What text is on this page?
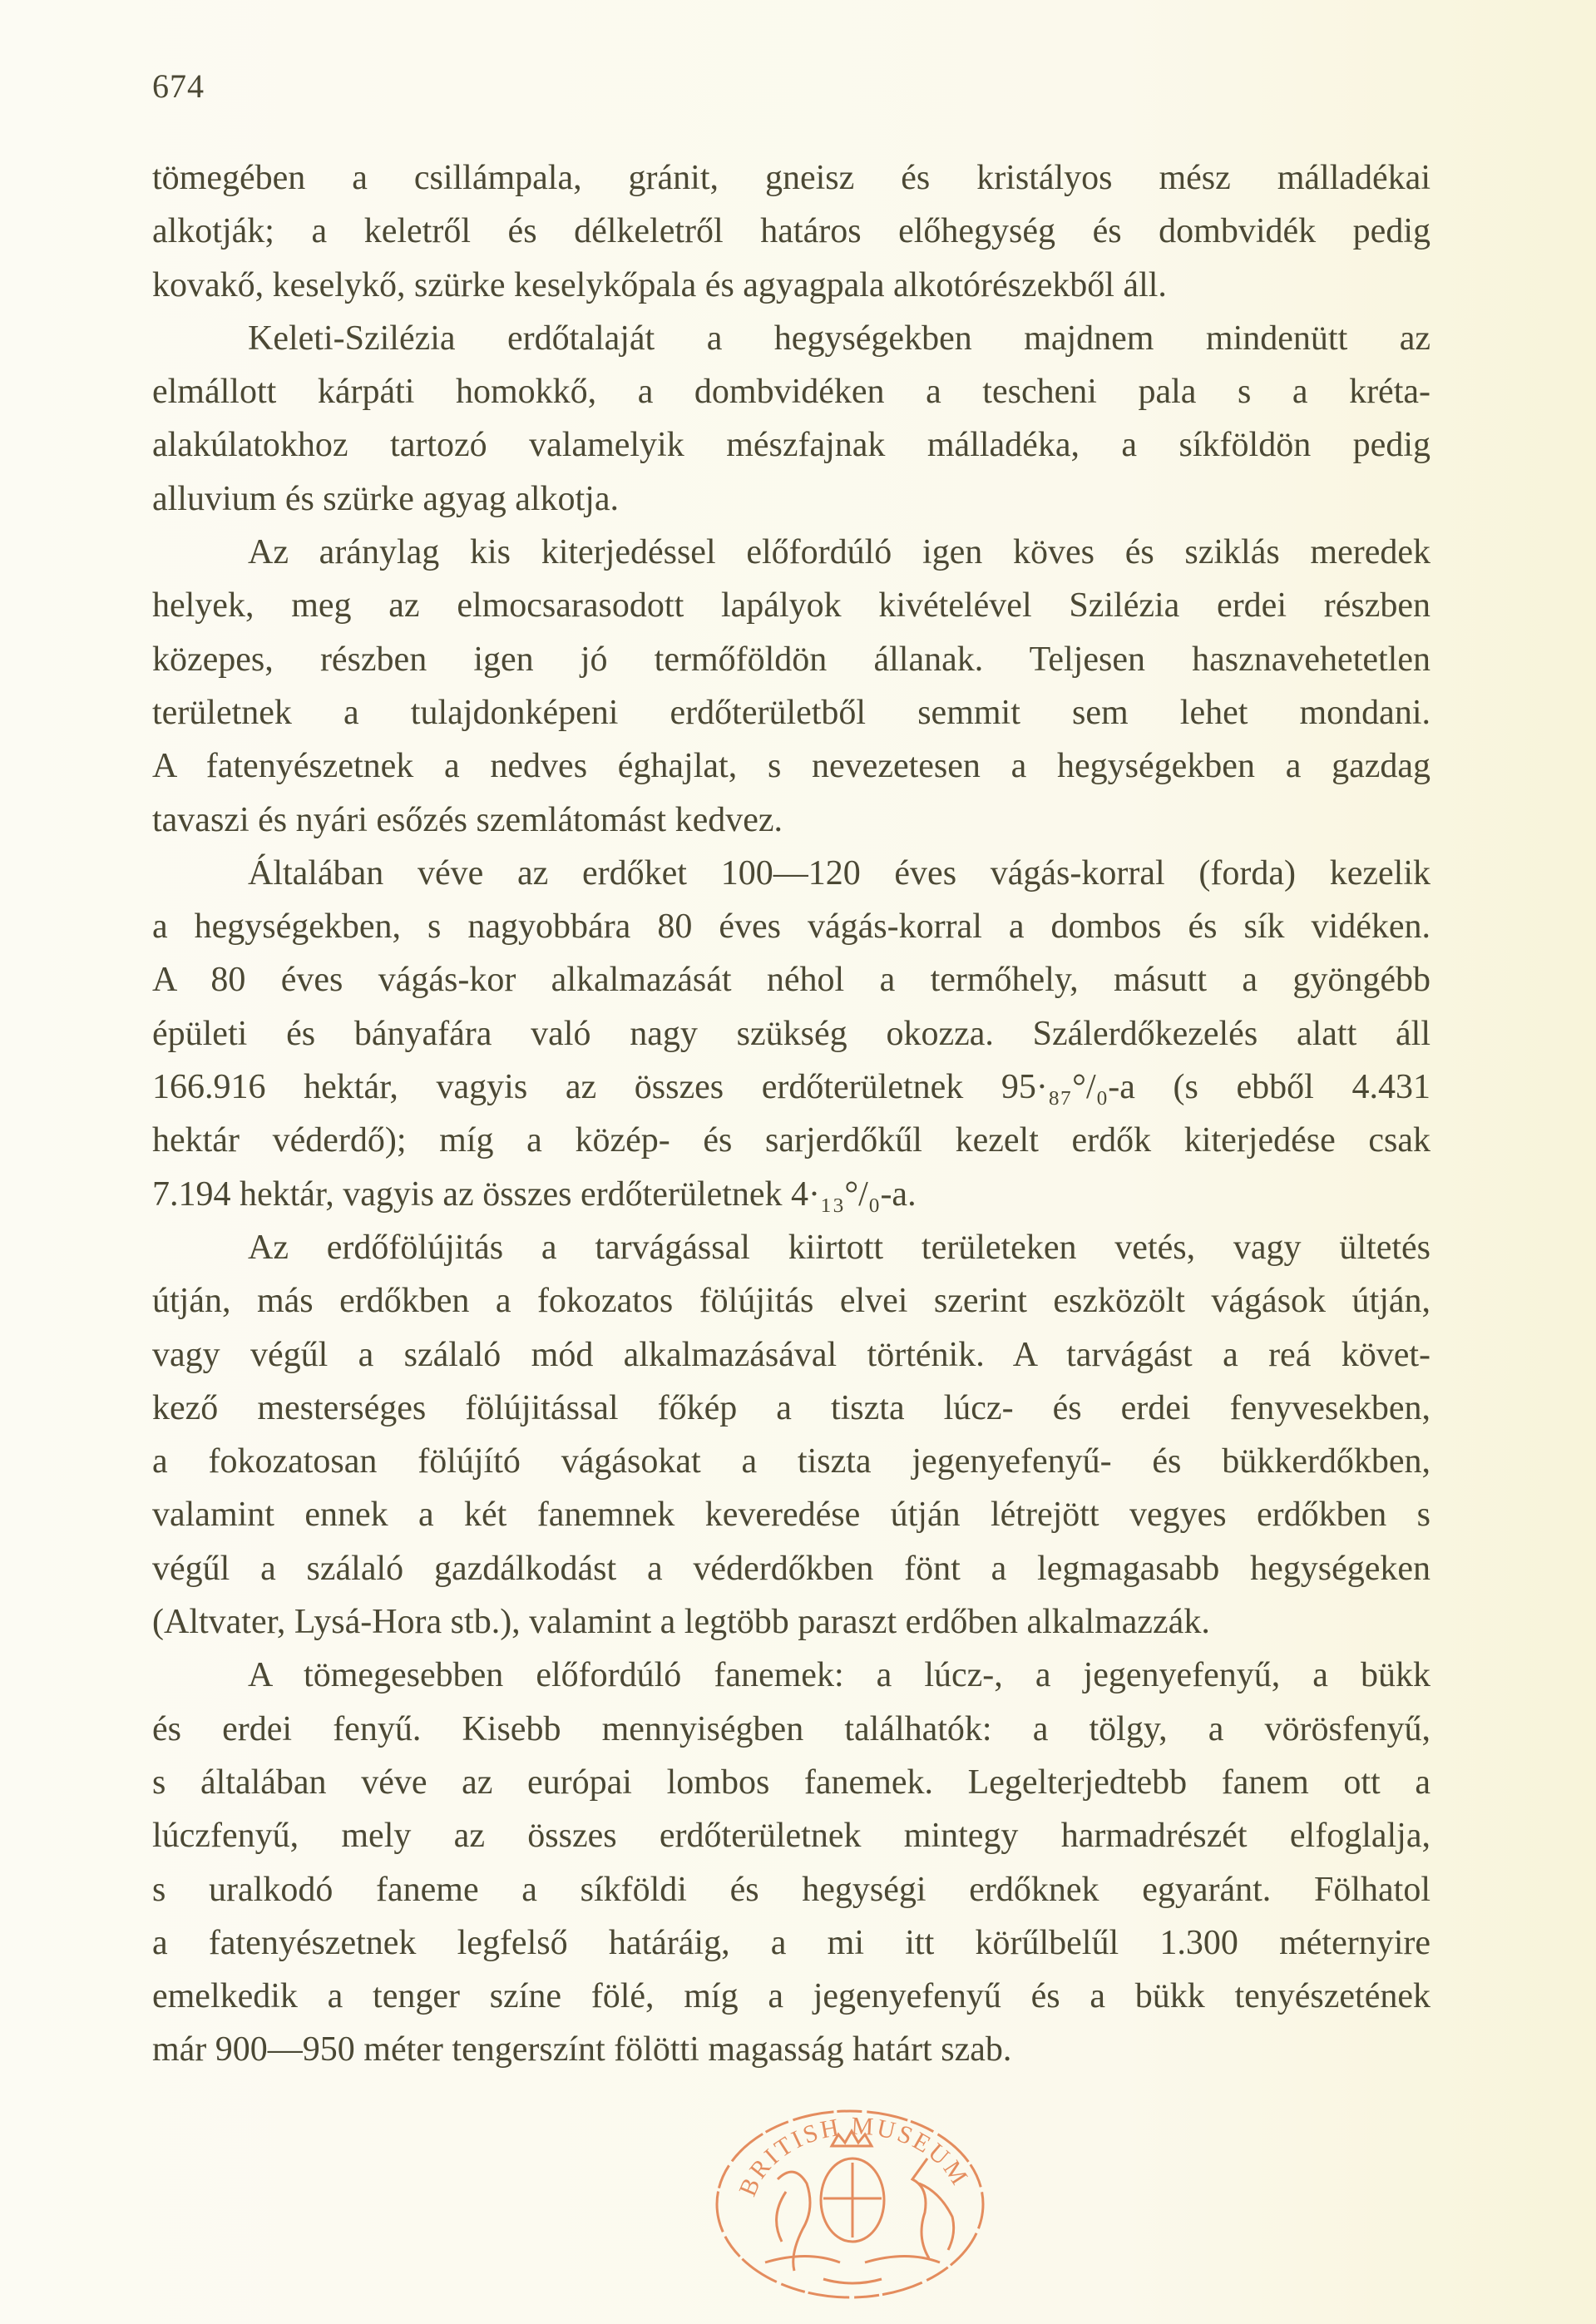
674
tömegében a csillámpala, gránit, gneisz és kristályos mész málladékai
alkotják; a keletről és délkeletről határos előhegység és dombvidék pedig
kovakő, keselykő, szürke keselykőpala és agyagpala alkotórészekből áll.
Keleti-Szilézia erdőtalaját a hegységekben majdnem mindenütt az
elmállott kárpáti homokkő, a dombvidéken a tescheni pala s a kréta-
alakúlatokhoz tartozó valamelyik mészfajnak málladéka, a síkföldön pedig
alluvium és szürke agyag alkotja.
Az aránylag kis kiterjedéssel előfordúló igen köves és sziklás meredek
helyek, meg az elmocsarasodott lapályok kivételével Szilézia erdei részben
közepes, részben igen jó termőföldön állanak. Teljesen hasznavehetetlen
területnek a tulajdonképeni erdőterületből semmit sem lehet mondani.
A fatenyészetnek a nedves éghajlat, s nevezetesen a hegységekben a gazdag
tavaszi és nyári esőzés szemlátomást kedvez.
Általában véve az erdőket 100—120 éves vágás-korral (forda) kezelik
a hegységekben, s nagyobbára 80 éves vágás-korral a dombos és sík vidéken.
A 80 éves vágás-kor alkalmazását néhol a termőhely, másutt a gyöngébb
épületi és bányafára való nagy szükség okozza. Szálerdőkezelés alatt áll
166.916 hektár, vagyis az összes erdőterületnek 95·₈₇°/₀-a (s ebből 4.431
hektár véderdő); míg a közép- és sarjerdőkűl kezelt erdők kiterjedése csak
7.194 hektár, vagyis az összes erdőterületnek 4·₁₃°/₀-a.
Az erdőfölújitás a tarvágással kiirtott területeken vetés, vagy ültetés
útján, más erdőkben a fokozatos fölújitás elvei szerint eszközölt vágások útján,
vagy végűl a szálaló mód alkalmazásával történik. A tarvágást a reá követ-
kező mesterséges fölújitással főkép a tiszta lúcz- és erdei fenyvesekben,
a fokozatosan fölújító vágásokat a tiszta jegenyefenyű- és bükkerdőkben,
valamint ennek a két fanemnek keveredése útján létrejött vegyes erdőkben s
végűl a szálaló gazdálkodást a véderdőkben fönt a legmagasabb hegységeken
(Altvater, Lysá-Hora stb.), valamint a legtöbb paraszt erdőben alkalmazzák.
A tömegesebben előfordúló fanemek: a lúcz-, a jegenyefenyű, a bükk
és erdei fenyű. Kisebb mennyiségben találhatók: a tölgy, a vörösfenyű,
s általában véve az európai lombos fanemek. Legelterjedtebb fanem ott a
lúczfenyű, mely az összes erdőterületnek mintegy harmadrészét elfoglalja,
s uralkodó faneme a síkföldi és hegységi erdőknek egyaránt. Fölhatol
a fatenyészetnek legfelső határáig, a mi itt körűlbelűl 1.300 méternyire
emelkedik a tenger színe fölé, míg a jegenyefenyű és a bükk tenyészetének
már 900—950 méter tengerszínt fölötti magasság határt szab.
BRITISH MUSEUM
